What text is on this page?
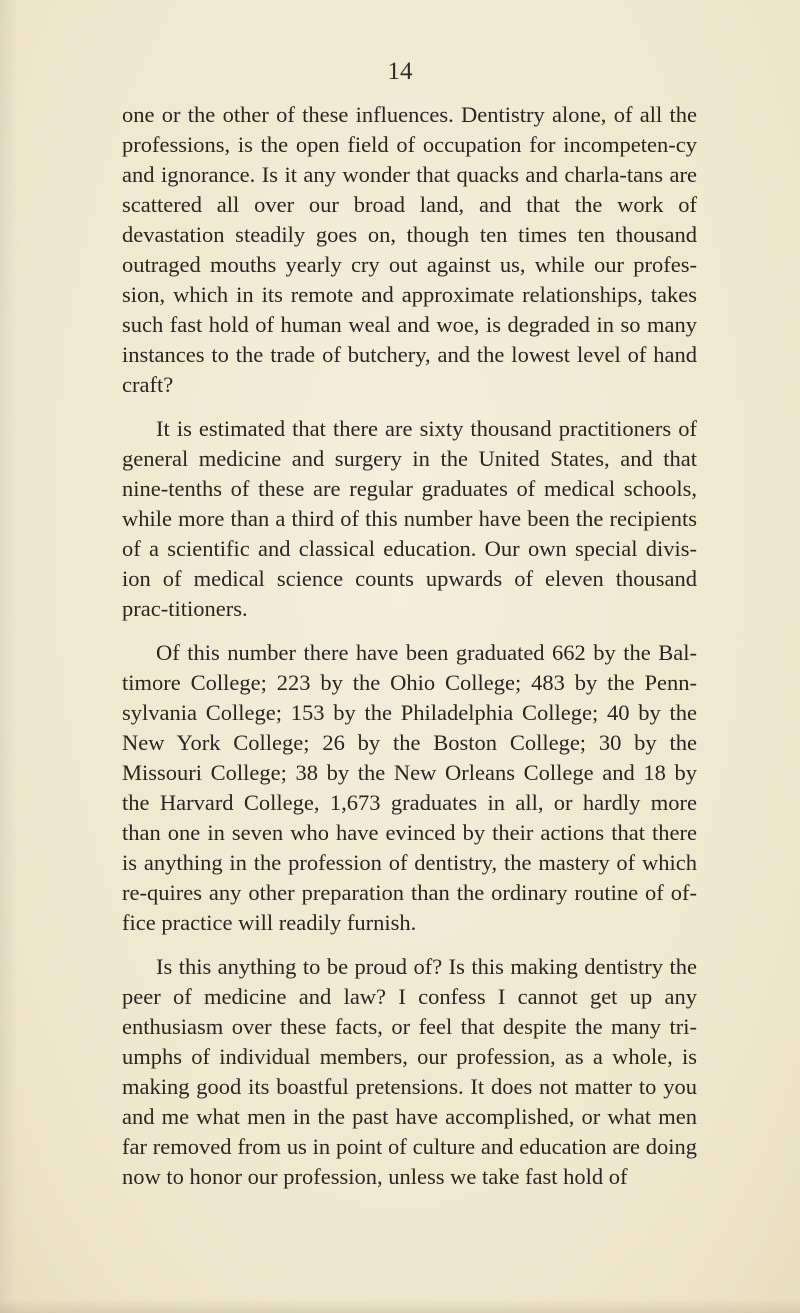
14

one or the other of these influences. Dentistry alone, of all the professions, is the open field of occupation for incompeten-cy and ignorance. Is it any wonder that quacks and charla-tans are scattered all over our broad land, and that the work of devastation steadily goes on, though ten times ten thousand outraged mouths yearly cry out against us, while our profes-sion, which in its remote and approximate relationships, takes such fast hold of human weal and woe, is degraded in so many instances to the trade of butchery, and the lowest level of hand craft?

It is estimated that there are sixty thousand practitioners of general medicine and surgery in the United States, and that nine-tenths of these are regular graduates of medical schools, while more than a third of this number have been the recipients of a scientific and classical education. Our own special divis-ion of medical science counts upwards of eleven thousand prac-titioners.

Of this number there have been graduated 662 by the Bal-timore College; 223 by the Ohio College; 483 by the Penn-sylvania College; 153 by the Philadelphia College; 40 by the New York College; 26 by the Boston College; 30 by the Missouri College; 38 by the New Orleans College and 18 by the Harvard College, 1,673 graduates in all, or hardly more than one in seven who have evinced by their actions that there is anything in the profession of dentistry, the mastery of which re-quires any other preparation than the ordinary routine of of-fice practice will readily furnish.

Is this anything to be proud of? Is this making dentistry the peer of medicine and law? I confess I cannot get up any enthusiasm over these facts, or feel that despite the many tri-umphs of individual members, our profession, as a whole, is making good its boastful pretensions. It does not matter to you and me what men in the past have accomplished, or what men far removed from us in point of culture and education are doing now to honor our profession, unless we take fast hold of
